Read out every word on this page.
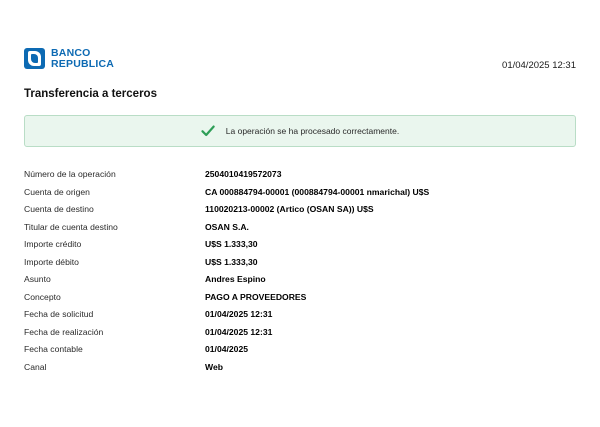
BANCO
REPUBLICA	01/04/2025 12:31
Transferencia a terceros
La operación se ha procesado correctamente.
Número de la operación	2504010419572073
Cuenta de origen	CA 000884794-00001 (000884794-00001 nmarichal) U$S
Cuenta de destino	110020213-00002 (Artico (OSAN SA)) U$S
Titular de cuenta destino	OSAN S.A.
Importe crédito	U$S 1.333,30
Importe débito	U$S 1.333,30
Asunto	Andres Espino
Concepto	PAGO A PROVEEDORES
Fecha de solicitud	01/04/2025 12:31
Fecha de realización	01/04/2025 12:31
Fecha contable	01/04/2025
Canal	Web
